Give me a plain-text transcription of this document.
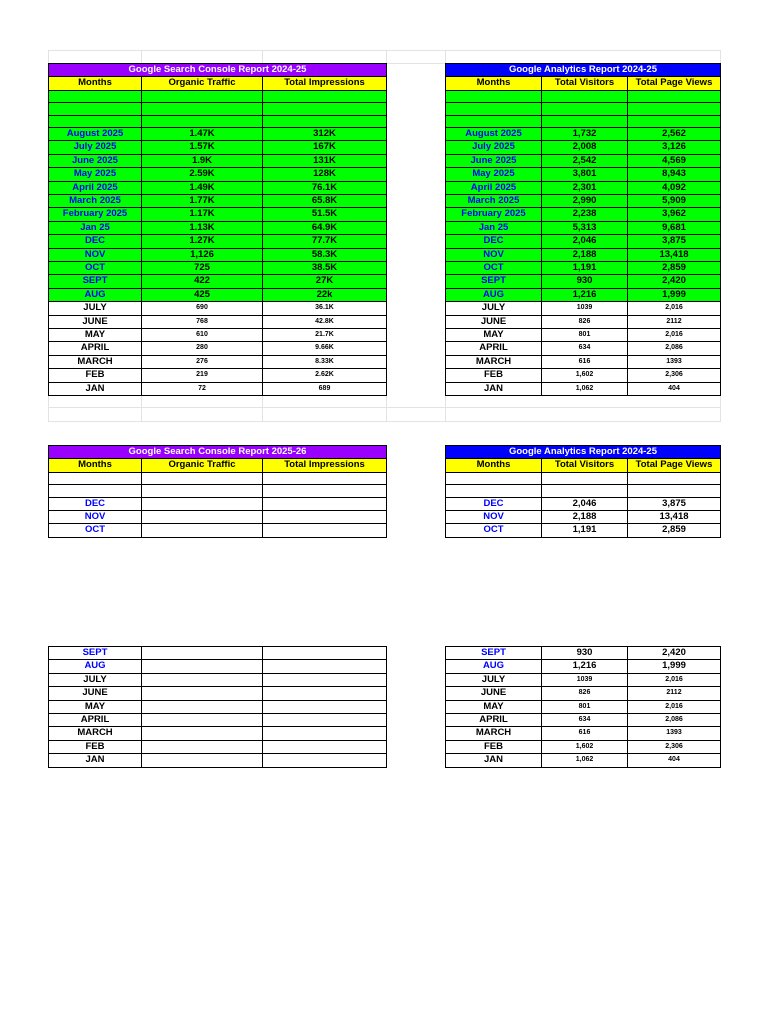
Google Search Console Report 2024-25		
Months	Organic Traffic	Total Impressions

August 2025	1.47K	312K
July 2025	1.57K	167K
June 2025	1.9K	131K
May 2025	2.59K	128K
April 2025	1.49K	76.1K
March 2025	1.77K	65.8K
February 2025	1.17K	51.5K
Jan 25	1.13K	64.9K
DEC	1.27K	77.7K
NOV	1,126	58.3K
OCT	725	38.5K
SEPT	422	27K
AUG	425	22k
JULY	690	36.1K
JUNE	768	42.8K
MAY	610	21.7K
APRIL	280	9.66K
MARCH	276	8.33K
FEB	219	2.62K
JAN	72	689
Google Analytics Report 2024-25		
Months	Total Visitors	Total Page Views

August 2025	1,732	2,562
July 2025	2,008	3,126
June 2025	2,542	4,569
May 2025	3,801	8,943
April 2025	2,301	4,092
March 2025	2,990	5,909
February 2025	2,238	3,962
Jan 25	5,313	9,681
DEC	2,046	3,875
NOV	2,188	13,418
OCT	1,191	2,859
SEPT	930	2,420
AUG	1,216	1,999
JULY	1039	2,016
JUNE	826	2112
MAY	801	2,016
APRIL	634	2,086
MARCH	616	1393
FEB	1,602	2,306
JAN	1,062	404
Google Search Console Report 2025-26		
Months	Organic Traffic	Total Impressions

DEC		
NOV		
OCT		
Google Analytics Report 2024-25		
Months	Total Visitors	Total Page Views

DEC	2,046	3,875
NOV	2,188	13,418
OCT	1,191	2,859
SEPT		
AUG		
JULY		
JUNE		
MAY		
APRIL		
MARCH		
FEB		
JAN		
SEPT	930	2,420
AUG	1,216	1,999
JULY	1039	2,016
JUNE	826	2112
MAY	801	2,016
APRIL	634	2,086
MARCH	616	1393
FEB	1,602	2,306
JAN	1,062	404
